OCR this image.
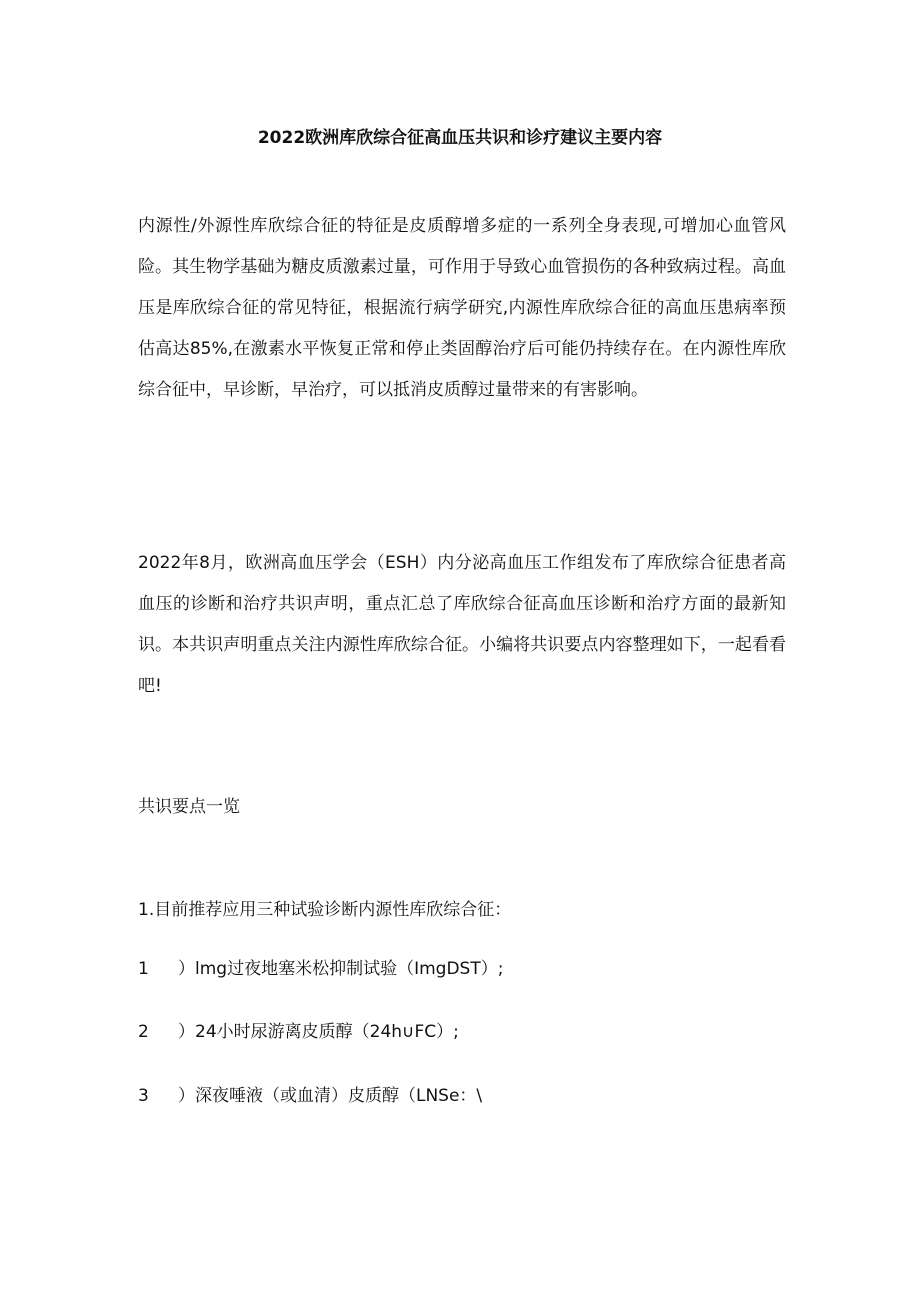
2022欧洲库欣综合征高血压共识和诊疗建议主要内容

内源性/外源性库欣综合征的特征是皮质醇增多症的一系列全身表现,可增加心血管风险。其生物学基础为糖皮质激素过量，可作用于导致心血管损伤的各种致病过程。高血压是库欣综合征的常见特征，根据流行病学研究,内源性库欣综合征的高血压患病率预估高达85%,在激素水平恢复正常和停止类固醇治疗后可能仍持续存在。在内源性库欣综合征中，早诊断，早治疗，可以抵消皮质醇过量带来的有害影响。

2022年8月，欧洲高血压学会（ESH）内分泌高血压工作组发布了库欣综合征患者高血压的诊断和治疗共识声明，重点汇总了库欣综合征高血压诊断和治疗方面的最新知识。本共识声明重点关注内源性库欣综合征。小编将共识要点内容整理如下，一起看看吧!

共识要点一览

1.目前推荐应用三种试验诊断内源性库欣综合征：

1 ）lmg过夜地塞米松抑制试验（ImgDST）;

2 ）24小时尿游离皮质醇（24h∪FC）;

3 ）深夜唾液（或血清）皮质醇（LNSe：\
